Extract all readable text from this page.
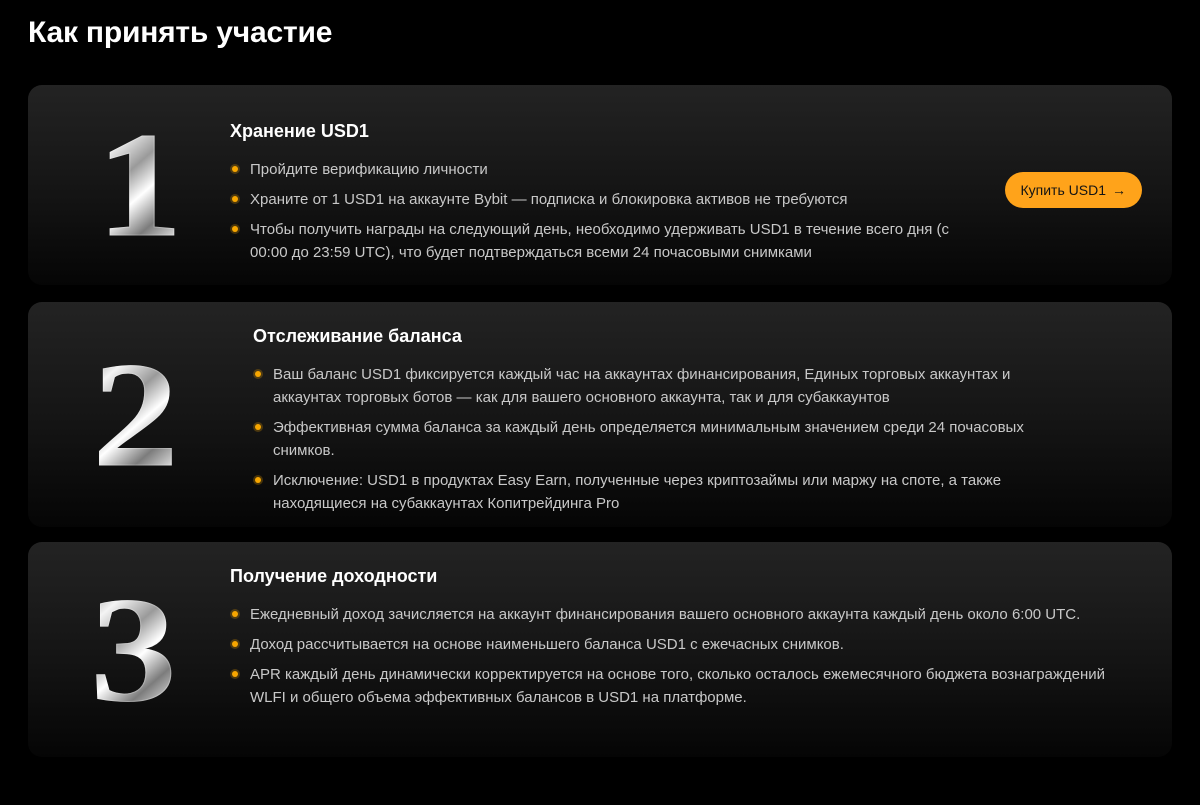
Как принять участие
1	Хранение USD1
Пройдите верификацию личности
Храните от 1 USD1 на аккаунте Bybit — подписка и блокировка активов не требуются
Чтобы получить награды на следующий день, необходимо удерживать USD1 в течение всего дня (с 00:00 до 23:59 UTC), что будет подтверждаться всеми 24 почасовыми снимками
Купить USD1 →
2	Отслеживание баланса
Ваш баланс USD1 фиксируется каждый час на аккаунтах финансирования, Единых торговых аккаунтах и аккаунтах торговых ботов — как для вашего основного аккаунта, так и для субаккаунтов
Эффективная сумма баланса за каждый день определяется минимальным значением среди 24 почасовых снимков.
Исключение: USD1 в продуктах Easy Earn, полученные через криптозаймы или маржу на споте, а также находящиеся на субаккаунтах Копитрейдинга Pro
3	Получение доходности
Ежедневный доход зачисляется на аккаунт финансирования вашего основного аккаунта каждый день около 6:00 UTC.
Доход рассчитывается на основе наименьшего баланса USD1 с ежечасных снимков.
APR каждый день динамически корректируется на основе того, сколько осталось ежемесячного бюджета вознаграждений WLFI и общего объема эффективных балансов в USD1 на платформе.
